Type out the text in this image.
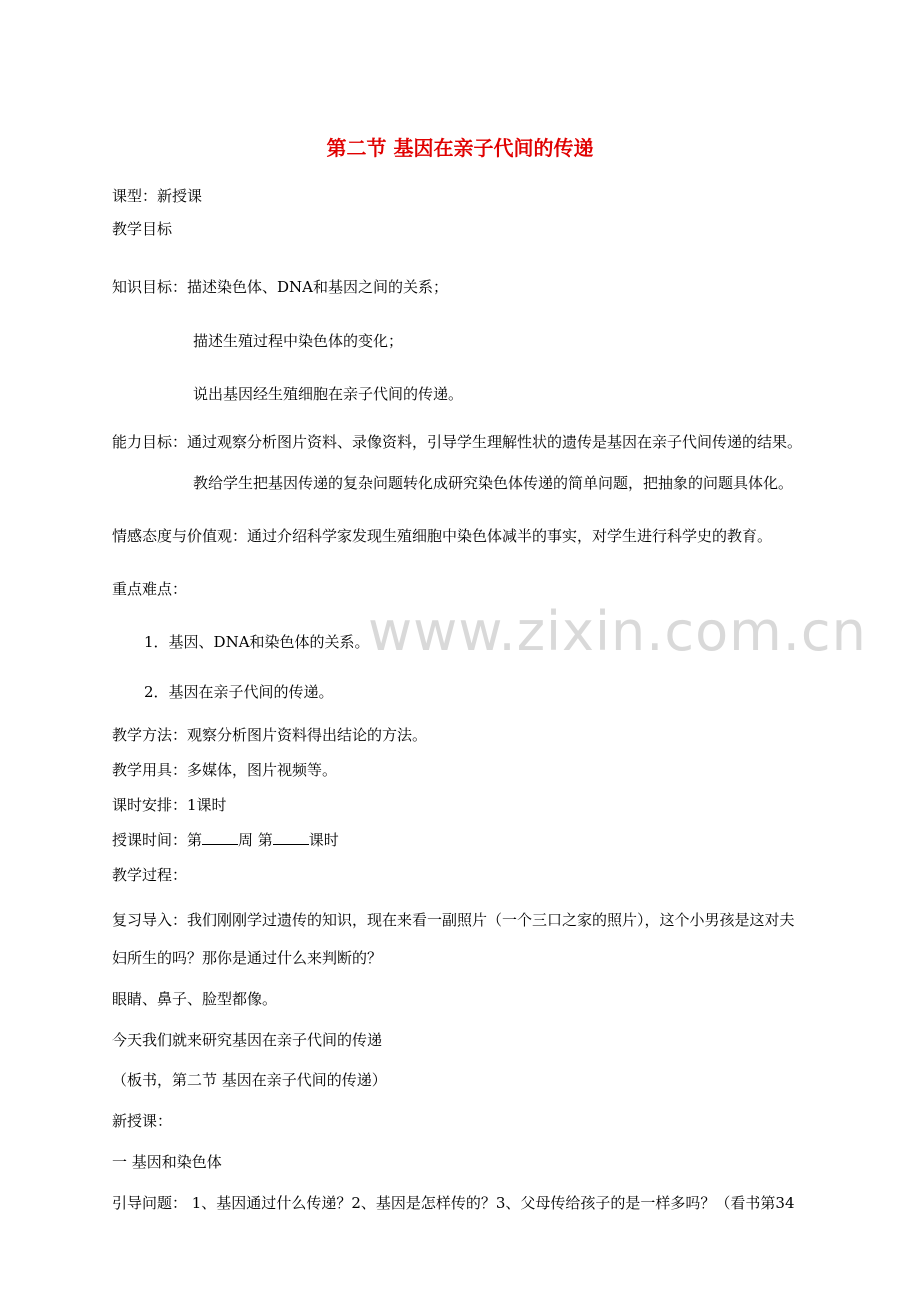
第二节 基因在亲子代间的传递
www.zixin.com.cn
课型：新授课
教学目标
知识目标：描述染色体、DNA和基因之间的关系；
描述生殖过程中染色体的变化；
说出基因经生殖细胞在亲子代间的传递。
能力目标：通过观察分析图片资料、录像资料，引导学生理解性状的遗传是基因在亲子代间传递的结果。
教给学生把基因传递的复杂问题转化成研究染色体传递的简单问题，把抽象的问题具体化。
情感态度与价值观：通过介绍科学家发现生殖细胞中染色体减半的事实，对学生进行科学史的教育。
重点难点：
1．基因、DNA和染色体的关系。
2．基因在亲子代间的传递。
教学方法：观察分析图片资料得出结论的方法。
教学用具：多媒体，图片视频等。
课时安排：1课时
授课时间：第 周 第 课时
教学过程：
复习导入：我们刚刚学过遗传的知识，现在来看一副照片（一个三口之家的照片），这个小男孩是这对夫
妇所生的吗？那你是通过什么来判断的？
眼睛、鼻子、脸型都像。
今天我们就来研究基因在亲子代间的传递
（板书，第二节 基因在亲子代间的传递）
新授课：
一 基因和染色体
引导问题： 1、基因通过什么传递？2、基因是怎样传的？3、父母传给孩子的是一样多吗？（看书第34
